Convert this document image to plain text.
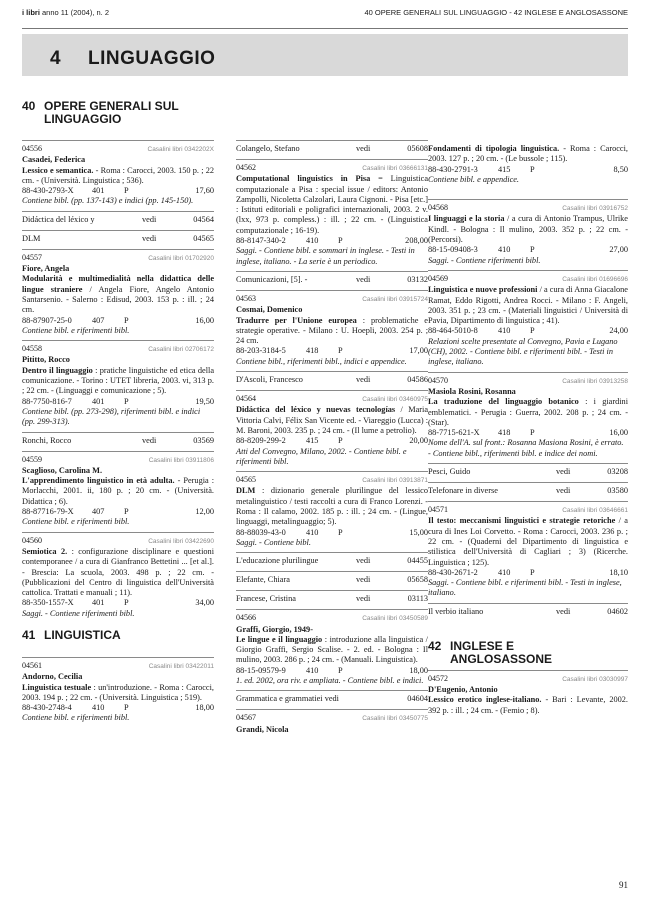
i libri anno 11 (2004), n. 2	40 OPERE GENERALI SUL LINGUAGGIO - 42 INGLESE E ANGLOSASSONE
4 LINGUAGGIO
40 OPERE GENERALI SUL LINGUAGGIO
04556	Casalini libri 0342202X
Casadei, Federica
Lessico e semantica. - Roma : Carocci, 2003. 150 p. ; 22 cm. - (Università. Linguistica ; 536).
88-430-2793-X	401	P	17,60
Contiene bibl. (pp. 137-143) e indici (pp. 145-150).
Didáctica del léxico y	vedi	04564
DLM	vedi	04565
04557	Casalini libri 01702920
Fiore, Angela
Modularità e multimedialità nella didattica delle lingue straniere / Angela Fiore, Angelo Antonio Santarsenio. - Salerno : Edisud, 2003. 153 p. : ill. ; 24 cm.
88-87907-25-0	407	P	16,00
Contiene bibl. e riferimenti bibl.
04558	Casalini libri 02706172
Pititto, Rocco
Dentro il linguaggio : pratiche linguistiche ed etica della comunicazione. - Torino : UTET libreria, 2003. vi, 313 p. ; 22 cm. - (Linguaggi e comunicazione ; 5).
88-7750-816-7	401	P	19,50
Contiene bibl. (pp. 273-298), riferimenti bibl. e indici (pp. 299-313).
Ronchi, Rocco	vedi	03569
04559	Casalini libri 03911806
Scaglioso, Carolina M.
L'apprendimento linguistico in età adulta. - Perugia : Morlacchi, 2001. ii, 180 p. ; 20 cm. - (Università. Didattica ; 6).
88-87716-79-X	407	P	12,00
Contiene bibl. e riferimenti bibl.
04560	Casalini libri 03422690
Semiotica 2. : configurazione disciplinare e questioni contemporanee / a cura di Gianfranco Bettetini ... [et al.]. - Brescia: La scuola, 2003. 498 p. ; 22 cm. - (Pubblicazioni del Centro di linguistica dell'Università cattolica. Trattati e manuali ; 11).
88-350-1557-X	401	P	34,00
Saggi. - Contiene riferimenti bibl.
41 LINGUISTICA
04561	Casalini libri 03422011
Andorno, Cecilia
Linguistica testuale : un'introduzione. - Roma : Carocci, 2003. 194 p. ; 22 cm. - (Università. Linguistica ; 519).
88-430-2748-4	410	P	18,00
Contiene bibl. e riferimenti bibl.
Colangelo, Stefano	vedi	05608
04562	Casalini libri 03666131
Computational linguistics in Pisa = Linguistica computazionale a Pisa : special issue / editors: Antonio Zampolli, Nicoletta Calzolari, Laura Cignoni. - Pisa [etc.] : Istituti editoriali e poligrafici internazionali, 2003. 2 v. (lxx, 973 p. compless.) : ill. ; 22 cm. - (Linguistica computazionale ; 16-19).
88-8147-340-2	410	P	208,00
Saggi. - Contiene bibl. e sommari in inglese. - Testi in inglese, italiano. - La serie è un periodico.
Comunicazioni, [5]. -	vedi	03132
04563	Casalini libri 03915724
Cosmai, Domenico
Tradurre per l'Unione europea : problematiche e strategie operative. - Milano : U. Hoepli, 2003. 254 p. ; 24 cm.
88-203-3184-5	418	P	17,00
Contiene bibl., riferimenti bibl., indici e appendice.
D'Ascoli, Francesco	vedi	04586
04564	Casalini libri 03460975
Didáctica del léxico y nuevas tecnologías / Maria Vittoria Calvi, Félix San Vicente ed. - Viareggio (Lucca) : M. Baroni, 2003. 235 p. ; 24 cm. - (Il lume a petrolio).
88-8209-299-2	415	P	20,00
Atti del Convegno, Milano, 2002. - Contiene bibl. e riferimenti bibl.
04565	Casalini libri 03913871
DLM : dizionario generale plurilingue del lessico metalinguistico / testi raccolti a cura di Franco Lorenzi. - Roma : Il calamo, 2002. 185 p. : ill. ; 24 cm. - (Lingue, linguaggi, metalinguaggio; 5).
88-88039-43-0	410	P	15,00
Saggi. - Contiene bibl.
L'educazione plurilingue	vedi	04455
Elefante, Chiara	vedi	05658
Francese, Cristina	vedi	03113
04566	Casalini libri 03450589
Graffi, Giorgio, 1949-
Le lingue e il linguaggio : introduzione alla linguistica / Giorgio Graffi, Sergio Scalise. - 2. ed. - Bologna : Il mulino, 2003. 286 p. ; 24 cm. - (Manuali. Linguistica).
88-15-09579-9	410	P	18,00
1. ed. 2002, ora riv. e ampliata. - Contiene bibl. e indici.
Grammatica e grammatiei vedi	04604
04567	Casalini libri 03450775
Grandi, Nicola
Fondamenti di tipologia linguistica. - Roma : Carocci, 2003. 127 p. ; 20 cm. - (Le bussole ; 115).
88-430-2791-3	415	P	8,50
Contiene bibl. e appendice.
04568	Casalini libri 03916752
I linguaggi e la storia / a cura di Antonio Trampus, Ulrike Kindl. - Bologna : Il mulino, 2003. 352 p. ; 22 cm. - (Percorsi).
88-15-09408-3	410	P	27,00
Saggi. - Contiene riferimenti bibl.
04569	Casalini libri 01696696
Linguistica e nuove professioni / a cura di Anna Giacalone Ramat, Eddo Rigotti, Andrea Rocci. - Milano : F. Angeli, 2003. 351 p. ; 23 cm. - (Materiali linguistici / Università di Pavia, Dipartimento di linguistica ; 41).
88-464-5010-8	410	P	24,00
Relazioni scelte presentate al Convegno, Pavia e Lugano (CH), 2002. - Contiene bibl. e riferimenti bibl. - Testi in inglese, italiano.
04570	Casalini libri 03913258
Masiola Rosini, Rosanna
La traduzione del linguaggio botanico : i giardini emblematici. - Perugia : Guerra, 2002. 208 p. ; 24 cm. - (Star).
88-7715-621-X	418	P	16,00
Nome dell'A. sul front.: Rosanna Masiona Rosini, è errato. - Contiene bibl., riferimenti bibl. e indice dei nomi.
Pesci, Guido	vedi	03208
Telefonare in diverse	vedi	03580
04571	Casalini libri 03646661
Il testo: meccanismi linguistici e strategie retoriche / a cura di Ines Loi Corvetto. - Roma : Carocci, 2003. 236 p. ; 22 cm. - (Quaderni del Dipartimento di linguistica e stilistica dell'Università di Cagliari ; 3) (Ricerche. Linguistica ; 125).
88-430-2671-2	410	P	18,10
Saggi. - Contiene bibl. e riferimenti bibl. - Testi in inglese, italiano.
Il verbio italiano	vedi	04602
42 INGLESE E ANGLOSASSONE
04572	Casalini libri 03030997
D'Eugenio, Antonio
Lessico erotico inglese-italiano. - Bari : Levante, 2002. 392 p. : ill. ; 24 cm. - (Femio ; 8).
91
